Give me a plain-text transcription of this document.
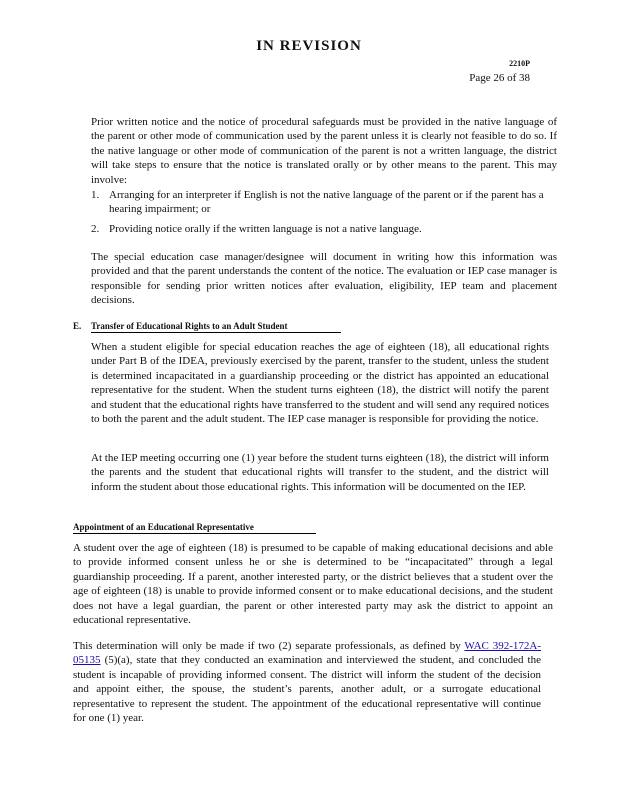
IN REVISION
2210P
Page 26 of 38
Prior written notice and the notice of procedural safeguards must be provided in the native language of the parent or other mode of communication used by the parent unless it is clearly not feasible to do so. If the native language or other mode of communication of the parent is not a written language, the district will take steps to ensure that the notice is translated orally or by other means to the parent. This may involve:
1. Arranging for an interpreter if English is not the native language of the parent or if the parent has a hearing impairment; or
2. Providing notice orally if the written language is not a native language.
The special education case manager/designee will document in writing how this information was provided and that the parent understands the content of the notice. The evaluation or IEP case manager is responsible for sending prior written notices after evaluation, eligibility, IEP team and placement decisions.
E. Transfer of Educational Rights to an Adult Student
When a student eligible for special education reaches the age of eighteen (18), all educational rights under Part B of the IDEA, previously exercised by the parent, transfer to the student, unless the student is determined incapacitated in a guardianship proceeding or the district has appointed an educational representative for the student. When the student turns eighteen (18), the district will notify the parent and student that the educational rights have transferred to the student and will send any required notices to both the parent and the adult student. The IEP case manager is responsible for providing the notice.
At the IEP meeting occurring one (1) year before the student turns eighteen (18), the district will inform the parents and the student that educational rights will transfer to the student, and the district will inform the student about those educational rights. This information will be documented on the IEP.
Appointment of an Educational Representative
A student over the age of eighteen (18) is presumed to be capable of making educational decisions and able to provide informed consent unless he or she is determined to be “incapacitated” through a legal guardianship proceeding. If a parent, another interested party, or the district believes that a student over the age of eighteen (18) is unable to provide informed consent or to make educational decisions, and the student does not have a legal guardian, the parent or other interested party may ask the district to appoint an educational representative.
This determination will only be made if two (2) separate professionals, as defined by WAC 392-172A-05135 (5)(a), state that they conducted an examination and interviewed the student, and concluded the student is incapable of providing informed consent. The district will inform the student of the decision and appoint either, the spouse, the student’s parents, another adult, or a surrogate educational representative to represent the student. The appointment of the educational representative will continue for one (1) year.
